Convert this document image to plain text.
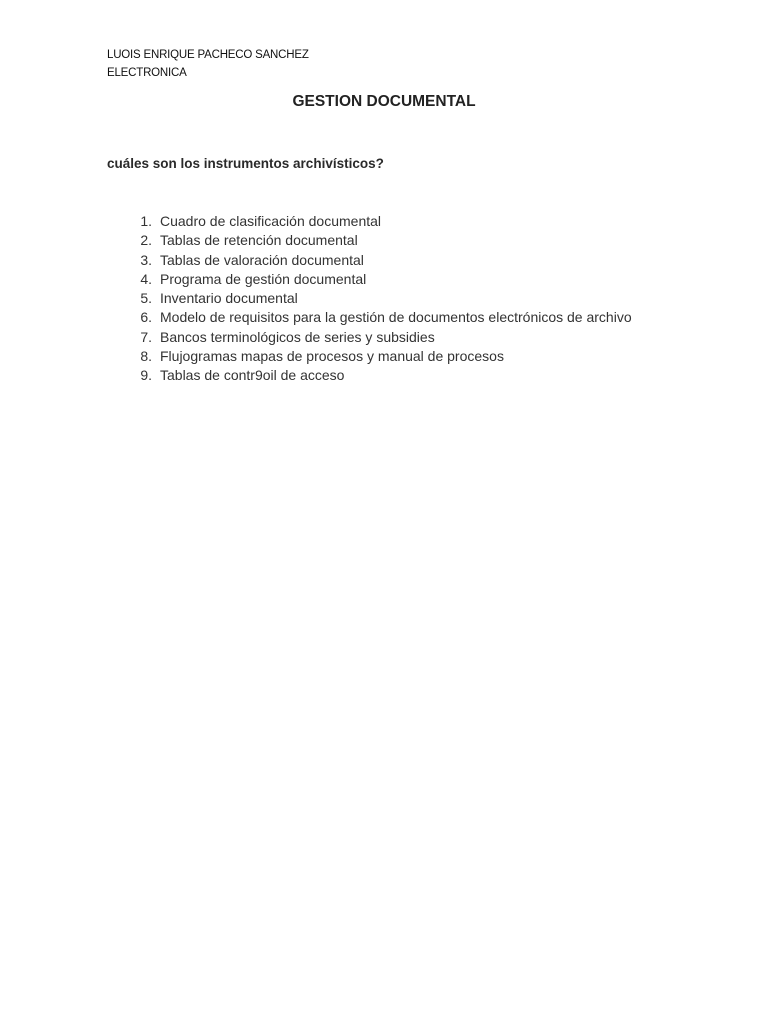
LUOIS ENRIQUE PACHECO SANCHEZ
ELECTRONICA
GESTION DOCUMENTAL
cuáles son los instrumentos archivísticos?
1. Cuadro de clasificación documental
2. Tablas de retención documental
3. Tablas de valoración documental
4. Programa de gestión documental
5. Inventario documental
6. Modelo de requisitos para la gestión de documentos electrónicos de archivo
7. Bancos terminológicos de series y subsidies
8. Flujogramas mapas de procesos y manual de procesos
9. Tablas de contr9oil de acceso
